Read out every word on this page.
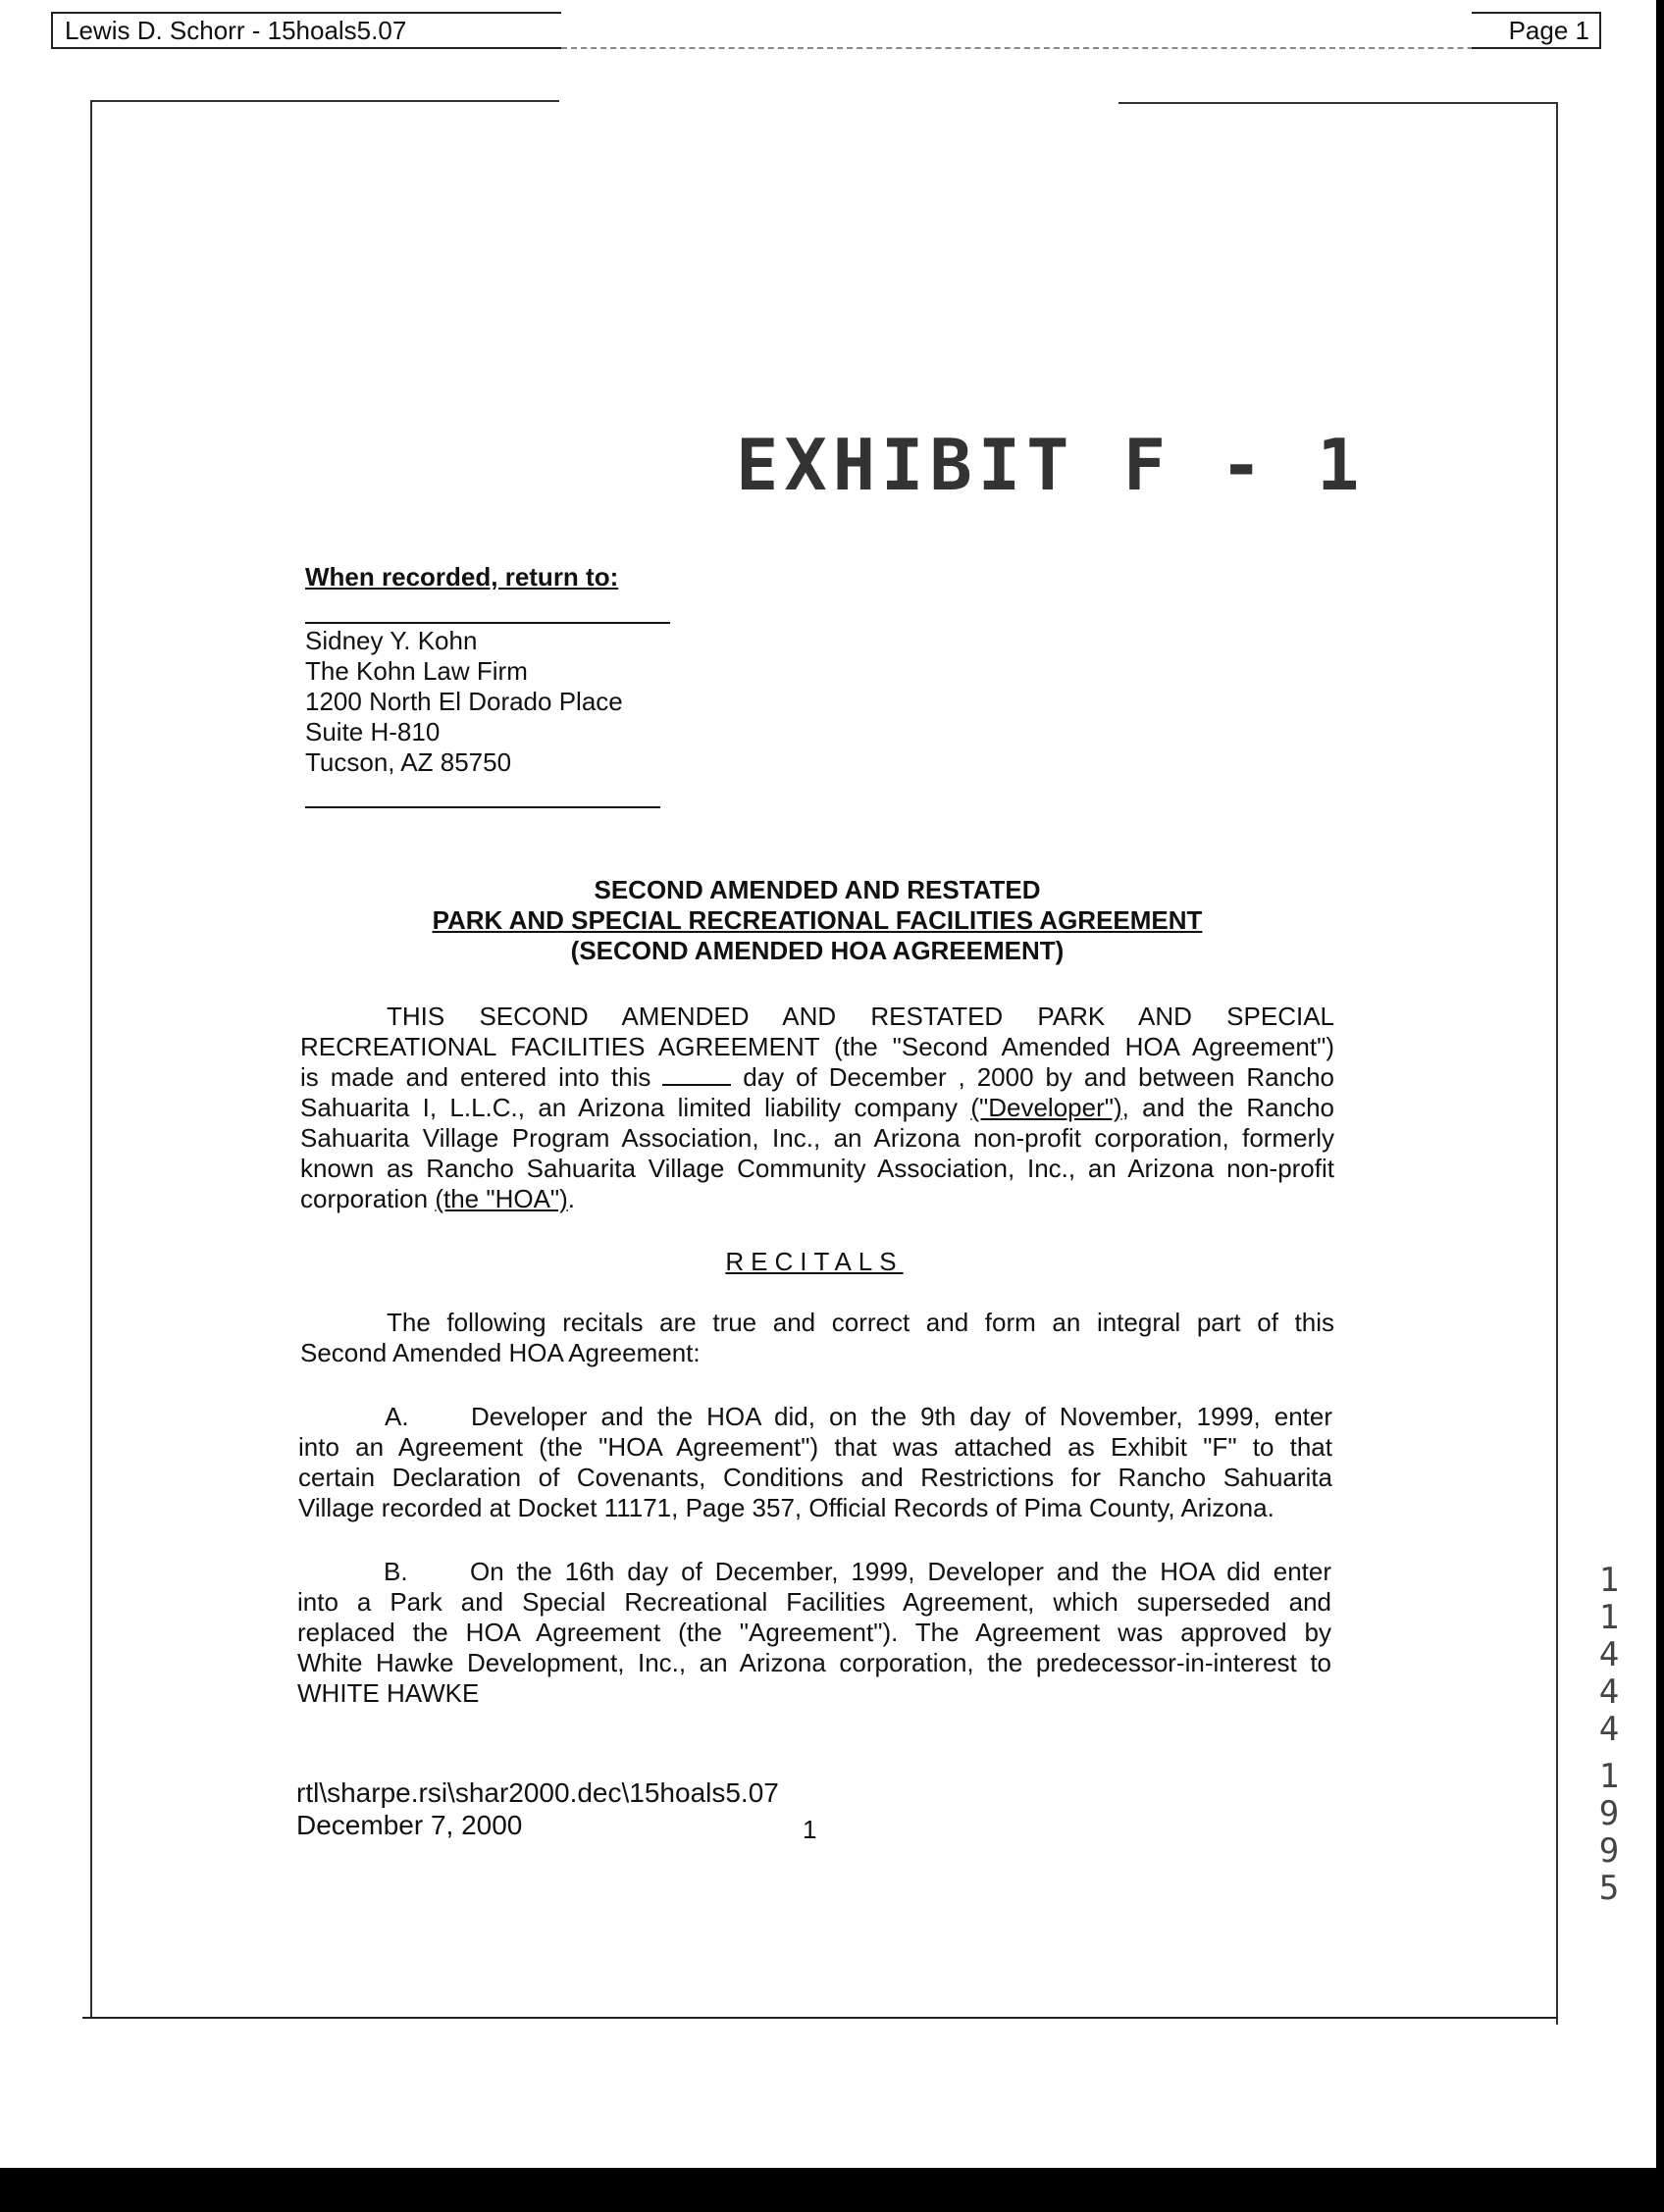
Lewis D. Schorr - 15hoals5.07	Page 1
EXHIBIT F - 1
When recorded, return to:
Sidney Y. Kohn
The Kohn Law Firm
1200 North El Dorado Place
Suite H-810
Tucson, AZ 85750
SECOND AMENDED AND RESTATED
PARK AND SPECIAL RECREATIONAL FACILITIES AGREEMENT
(SECOND AMENDED HOA AGREEMENT)
THIS SECOND AMENDED AND RESTATED PARK AND SPECIAL
RECREATIONAL FACILITIES AGREEMENT (the "Second Amended HOA Agreement")
is made and entered into this	day of December , 2000 by and between Rancho
Sahuarita I, L.L.C., an Arizona limited liability company ("Developer"), and the Rancho
Sahuarita Village Program Association, Inc., an Arizona non-profit corporation, formerly
known as Rancho Sahuarita Village Community Association, Inc., an Arizona non-profit
corporation (the "HOA").
RECITALS
The following recitals are true and correct and form an integral part of this
Second Amended HOA Agreement:
A. Developer and the HOA did, on the 9th day of November, 1999, enter
into an Agreement (the "HOA Agreement") that was attached as Exhibit "F" to that
certain Declaration of Covenants, Conditions and Restrictions for Rancho Sahuarita
Village recorded at Docket 11171, Page 357, Official Records of Pima County, Arizona.
B. On the 16th day of December, 1999, Developer and the HOA did enter
into a Park and Special Recreational Facilities Agreement, which superseded and
replaced the HOA Agreement (the "Agreement"). The Agreement was approved by
White Hawke Development, Inc., an Arizona corporation, the predecessor-in-interest to
WHITE HAWKE
rtl\sharpe.rsi\shar2000.dec\15hoals5.07
December 7, 2000	1
1
1
4
4
4
1
9
9
5
